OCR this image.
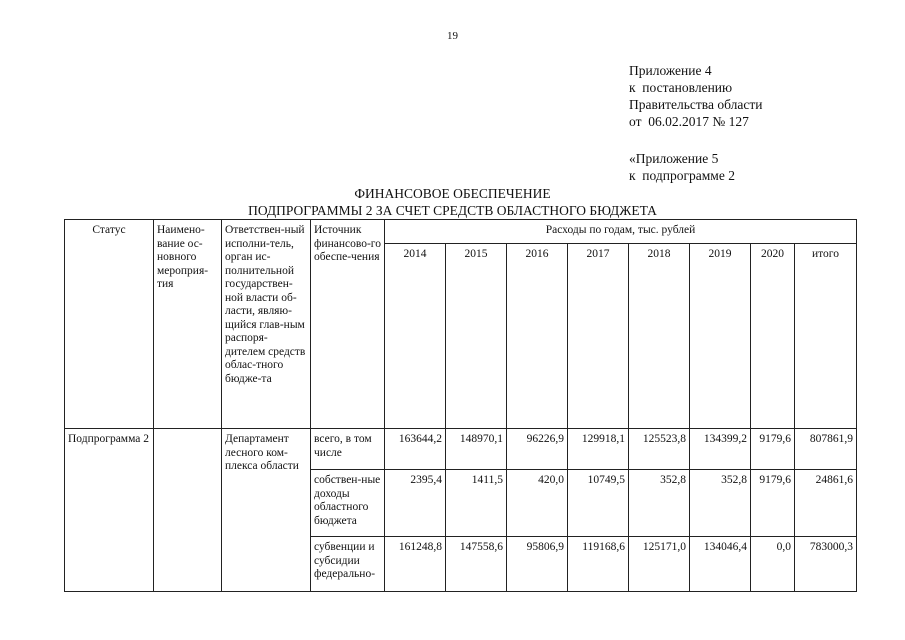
19
Приложение 4
к  постановлению
Правительства области
от  06.02.2017 № 127
«Приложение 5
к  подпрограмме 2
ФИНАНСОВОЕ ОБЕСПЕЧЕНИЕ
ПОДПРОГРАММЫ 2 ЗА СЧЕТ СРЕДСТВ ОБЛАСТНОГО БЮДЖЕТА
Статус	Наимено-вание ос-новного мероприя-тия	Ответствен-ный исполни-тель, орган ис-полнительной государствен-ной власти об-ласти, являю-щийся глав-ным распоря-дителем средств облас-тного бюдже-та	Источник финансово-го обеспе-чения	Расходы по годам, тыс. рублей							
				2014	2015	2016	2017	2018	2019	2020	итого
Подпрограмма 2		Департамент лесного ком-плекса области	всего, в том числе	163644,2	148970,1	96226,9	129918,1	125523,8	134399,2	9179,6	807861,9
			собствен-ные доходы областного бюджета	2395,4	1411,5	420,0	10749,5	352,8	352,8	9179,6	24861,6
			субвенции и субсидии федерально-	161248,8	147558,6	95806,9	119168,6	125171,0	134046,4	0,0	783000,3
